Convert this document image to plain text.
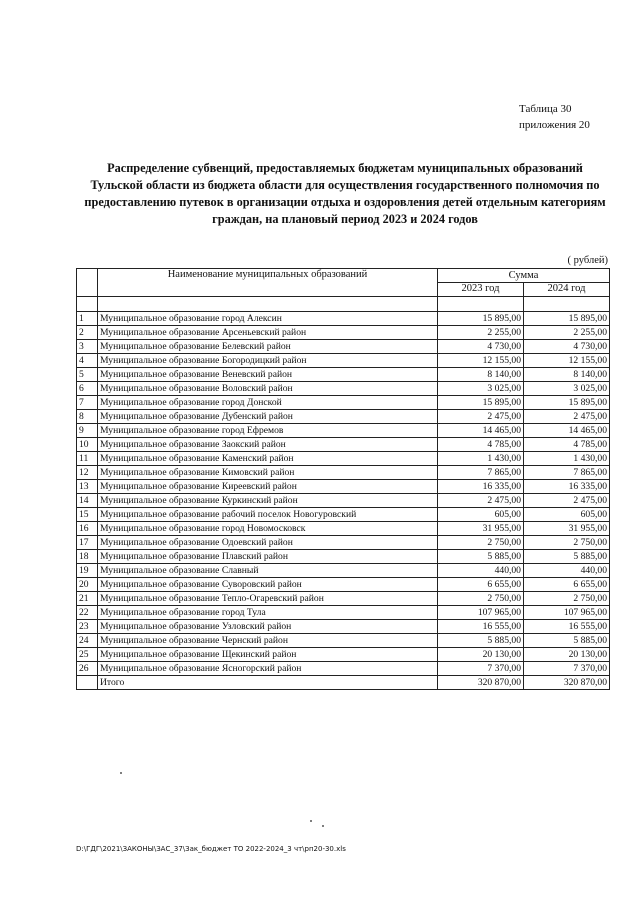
Таблица 30
приложения 20
Распределение субвенций, предоставляемых бюджетам муниципальных образований Тульской области из бюджета области для осуществления государственного полномочия по предоставлению путевок в организации отдыха и оздоровления детей отдельным категориям граждан, на плановый период 2023 и 2024 годов
( рублей)
	Наименование муниципальных образований	Сумма	
		2023 год	2024 год

1	Муниципальное образование город Алексин	15 895,00	15 895,00
2	Муниципальное образование Арсеньевский район	2 255,00	2 255,00
3	Муниципальное образование Белевский район	4 730,00	4 730,00
4	Муниципальное образование Богородицкий район	12 155,00	12 155,00
5	Муниципальное образование Веневский район	8 140,00	8 140,00
6	Муниципальное образование Воловский район	3 025,00	3 025,00
7	Муниципальное образование город Донской	15 895,00	15 895,00
8	Муниципальное образование Дубенский район	2 475,00	2 475,00
9	Муниципальное образование город Ефремов	14 465,00	14 465,00
10	Муниципальное образование Заокский район	4 785,00	4 785,00
11	Муниципальное образование Каменский район	1 430,00	1 430,00
12	Муниципальное образование Кимовский район	7 865,00	7 865,00
13	Муниципальное образование Киреевский район	16 335,00	16 335,00
14	Муниципальное образование Куркинский район	2 475,00	2 475,00
15	Муниципальное образование рабочий поселок Новогуровский	605,00	605,00
16	Муниципальное образование город Новомосковск	31 955,00	31 955,00
17	Муниципальное образование Одоевский район	2 750,00	2 750,00
18	Муниципальное образование Плавский район	5 885,00	5 885,00
19	Муниципальное образование Славный	440,00	440,00
20	Муниципальное образование Суворовский район	6 655,00	6 655,00
21	Муниципальное образование Тепло-Огаревский район	2 750,00	2 750,00
22	Муниципальное образование город Тула	107 965,00	107 965,00
23	Муниципальное образование Узловский район	16 555,00	16 555,00
24	Муниципальное образование Чернский район	5 885,00	5 885,00
25	Муниципальное образование Щекинский район	20 130,00	20 130,00
26	Муниципальное образование Ясногорский район	7 370,00	7 370,00
	Итого	320 870,00	320 870,00
D:\ГДГ\2021\ЗАКОНЫ\ЗАС_37\Зак_бюджет ТО 2022-2024_3 чт\рп20-30.xls
